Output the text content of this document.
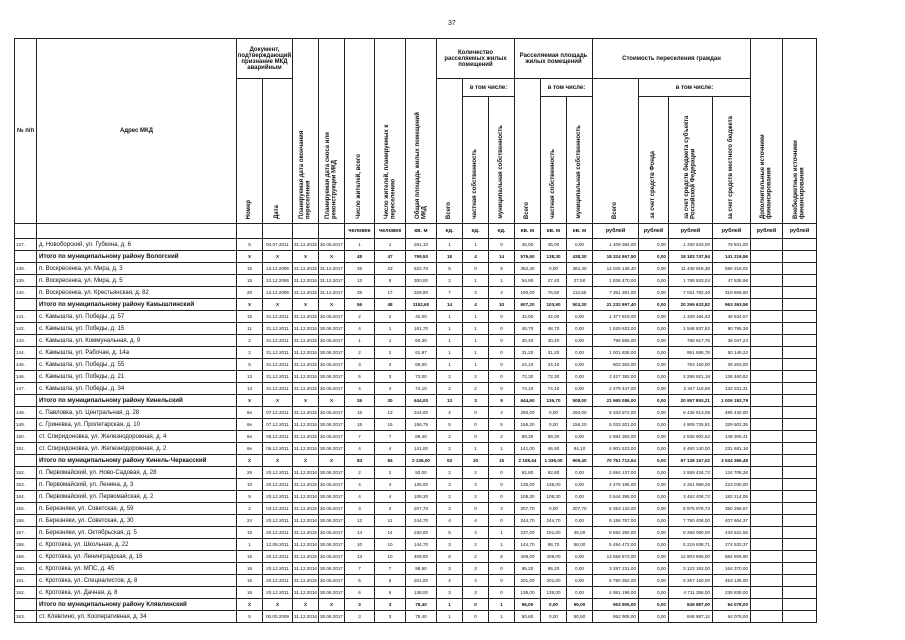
37
№ п/п	Адрес МКД	Документ, подтверждающий признание МКД аварийным		Планируемая дата окончания переселения	Планируемая дата сноса или реконструкции МКД	Число жителей, всего	Число жителей, планируемых к переселению	Общая площадь жилых помещений МКД	Количество расселяемых жилых помещений			Расселяемая площадь жилых помещений			Стоимость переселения граждан				Дополнительные источники финансирования	Внебюджетные источники финансирования
		Номер	Дата						Всего	в том числе:		Всего	в том числе:		Всего	в том числе:				
										частная собственность	муниципальная собственность		частная собственность	муниципальная собственность		за счет средств Фонда	за счет средств бюджета субъекта Российской Федерации	за счет средств местного бюджета		
						человек	человек	кв. м	ед.	ед.	ед.	кв. м	кв. м	кв. м	рублей	рублей	рублей	рублей	рублей	рублей
137.	д. Новоборский, ул. Губкина, д. 6	5	04.07.2011	31.12.2015	30.06.2017	1	1	261,10	1	1	0	45,00	45,00	0,00	1 409 384,00	0,00	1 330 543,00	78 841,00		
	Итого по муниципальному району Вологский	X	X	X	X	48	47	799,50	18	4	14	576,60	138,30	438,30	18 324 967,50	0,00	18 183 747,94	141 219,56		
138.	п. Воскресенка, ул. Мира, д. 3	15	13.12.2006	31.12.2015	31.12.2017	26	23	522,70	5	0	5	362,30	0,00	362,30	12 045 136,40	0,00	11 448 918,38	596 218,02		
139.	п. Воскресенка, ул. Мира, д. 5	15	13.12.2006	31.12.2015	31.12.2017	13	8	300,00	2	1	1	54,90	27,40	27,50	1 836 470,00	0,00	1 788 933,04	47 536,96		
140.	п. Воскресенка, ул. Крестьянская, д. 82	20	13.12.2006	31.12.2015	31.12.2017	28	17	329,90	7	3	4	190,00	76,50	113,50	7 351 391,00	0,00	7 031 782,40	319 608,60		
	Итого по муниципальному району Камышлинский	X	X	X	X	56	48	1152,60	14	4	10	607,20	103,90	503,30	21 232 997,40	0,00	20 269 633,82	963 363,58		
141.	с. Камышла, ул. Победы, д. 57	15	31.12.2011	31.12.2015	30.06.2017	2	2	42,00	1	1	0	42,00	42,00	0,00	1 377 819,00	0,00	1 329 184,43	48 634,57		
142.	с. Камышла, ул. Победы, д. 15	11	31.12.2011	31.12.2015	30.06.2017	4	1	181,70	1	1	0	48,70	48,70	0,00	1 629 633,00	0,00	1 548 837,62	80 795,38		
143.	с. Камышла, ул. Коммунальная, д. 9	2	31.12.2011	31.12.2015	30.06.2017	1	1	60,30	1	1	0	30,40	30,40	0,00	796 865,00	0,00	758 817,76	38 047,24		
144.	с. Камышла, ул. Рабочая, д. 14а	2	31.12.2011	31.12.2015	30.06.2017	2	2	61,97	1	1	0	31,20	31,20	0,00	1 001 836,00	0,00	951 686,78	50 149,22		
145.	с. Камышла, ул. Победы, д. 55	5	31.12.2011	31.12.2015	30.06.2017	3	3	66,00	1	1	0	24,10	24,10	0,00	802 363,00	0,00	763 160,00	39 203,00		
146.	с. Камышла, ул. Победы, д. 21	13	31.12.2011	31.12.2015	30.06.2017	5	3	73,00	2	2	0	72,30	72,30	0,00	2 427 382,00	0,00	2 288 921,18	138 460,82		
147.	с. Камышла, ул. Победы, д. 34	14	31.12.2011	31.12.2015	30.06.2017	4	4	74,10	2	2	0	74,10	74,10	0,00	2 479 447,00	0,00	2 347 115,69	132 331,31		
	Итого по муниципальному району Кинельский	X	X	X	X	26	20	644,00	13	3	9	644,60	136,70	508,00	21 965 086,00	0,00	20 957 893,21	1 006 192,79		
148.	с. Павловка, ул. Центральная, д. 28	6н	07.12.2011	31.12.2015	30.06.2017	15	13	344,00	4	0	4	260,00	0,00	260,00	8 333 972,00	0,00	8 435 913,08	485 440,00		
149.	с. Гриневка, ул. Пролетарская, д. 10	6н	07.12.2011	31.12.2015	30.06.2017	15	15	156,75	5	0	5	156,20	0,00	156,20	5 033 301,00	0,00	4 909 725,81	329 502,35		
150.	ст. Спиридоновка, ул. Железнодорожная, д. 4	6н	05.12.2011	31.12.2015	30.06.2017	7	7	89,40	2	0	2	89,30	89,30	0,00	2 884 383,00	0,00	2 835 902,52	148 305,41		
151.	ст. Спиридоновка, ул. Железнодорожная, д. 2	6н	05.12.2011	31.12.2015	30.06.2017	4	4	141,00	2	1	1	141,00	46,90	94,10	4 901 523,00	0,00	4 460 140,00	231 681,18		
	Итого по муниципальному району Кинель-Черкасский	X	X	X	X	84	84	2 136,00	53	20	15	2 158,64	1 036,00	909,40	70 751 713,64	0,00	67 138 157,02	3 534 386,48		
152.	п. Первомайский, ул. Ново-Садовая, д. 28	25	20.12.2011	31.12.2016	30.06.2017	2	2	93,00	2	2	0	92,80	92,80	0,00	2 694 137,00	0,00	2 559 426,72	134 708,28		
153.	п. Первомайский, ул. Ленина, д. 3	10	20.12.2011	31.12.2016	30.06.2017	4	4	135,00	3	3	0	135,00	135,00	0,00	4 475 195,00	0,00	4 251 959,26	223 030,00		
154.	п. Первомайский, ул. Первомайская, д. 2	9	20.12.2011	31.12.2016	30.06.2017	4	4	108,30	2	2	0	108,30	108,30	0,00	3 644 395,00	0,00	3 462 408,72	182 214,05		
155.	п. Березняки, ул. Советская, д. 59	2	03.12.2011	31.12.2016	30.06.2017	3	3	207,70	3	0	3	207,70	0,00	207,70	6 353 133,00	0,00	5 975 976,72	350 256,67		
156.	п. Березняки, ул. Советская, д. 30	24	20.12.2011	31.12.2016	30.06.2017	12	11	244,70	4	4	0	244,70	244,70	0,00	8 156 787,00	0,00	7 750 408,00	407 664,37		
157.	п. Березняки, ул. Октябрьская, д. 5	18	20.12.2011	31.12.2016	30.06.2017	14	14	230,00	5	4	1	237,00	191,00	46,00	8 692 390,00	0,00	8 259 080,00	433 622,55		
158.	с. Кротовка, ул. Школьная, д. 22	1	12.09.2011	31.12.2016	30.06.2017	10	10	144,70	3	2	1	144,70	86,70	58,00	5 494 472,00	0,00	5 219 938,71	274 533,37		
159.	с. Кротовка, ул. Ленинградская, д. 16	16	20.12.2011	31.12.2016	30.06.2017	13	10	409,00	8	2	6	409,00	409,00	0,00	13 558 573,00	0,00	12 903 966,00	684 606,90		
160.	с. Кротовка, ул. МПС, д. 45	16	20.12.2011	31.12.2016	30.06.2017	7	7	98,60	3	3	0	95,20	95,20	0,00	3 287 231,00	0,00	3 123 163,00	164 370,00		
161.	с. Кротовка, ул. Специалистов, д. 8	16	20.12.2011	31.12.2016	30.06.2017	5	5	201,00	4	4	0	201,00	201,00	0,00	6 790 352,00	0,00	6 267 160,00	453 135,00		
162.	с. Кротовка, ул. Дачная, д. 8	16	20.12.2011	31.12.2016	30.06.2017	6	6	138,00	3	3	0	138,00	138,00	0,00	4 981 196,00	0,00	4 711 356,00	239 839,00		
	Итого по муниципальному району Клявлинский	X	X	X	X	3	3	78,40	1	0	1	96,00	0,00	96,00	953 905,00	0,00	849 887,00	64 078,00		
163.	ст. Клявлино, ул. Кооперативная, д. 34	5	00.00.2009	31.12.2016	30.06.2017	3	3	78,40	1	0	1	50,60	0,00	50,60	952 905,00	0,00	848 887,12	64 078,00		
